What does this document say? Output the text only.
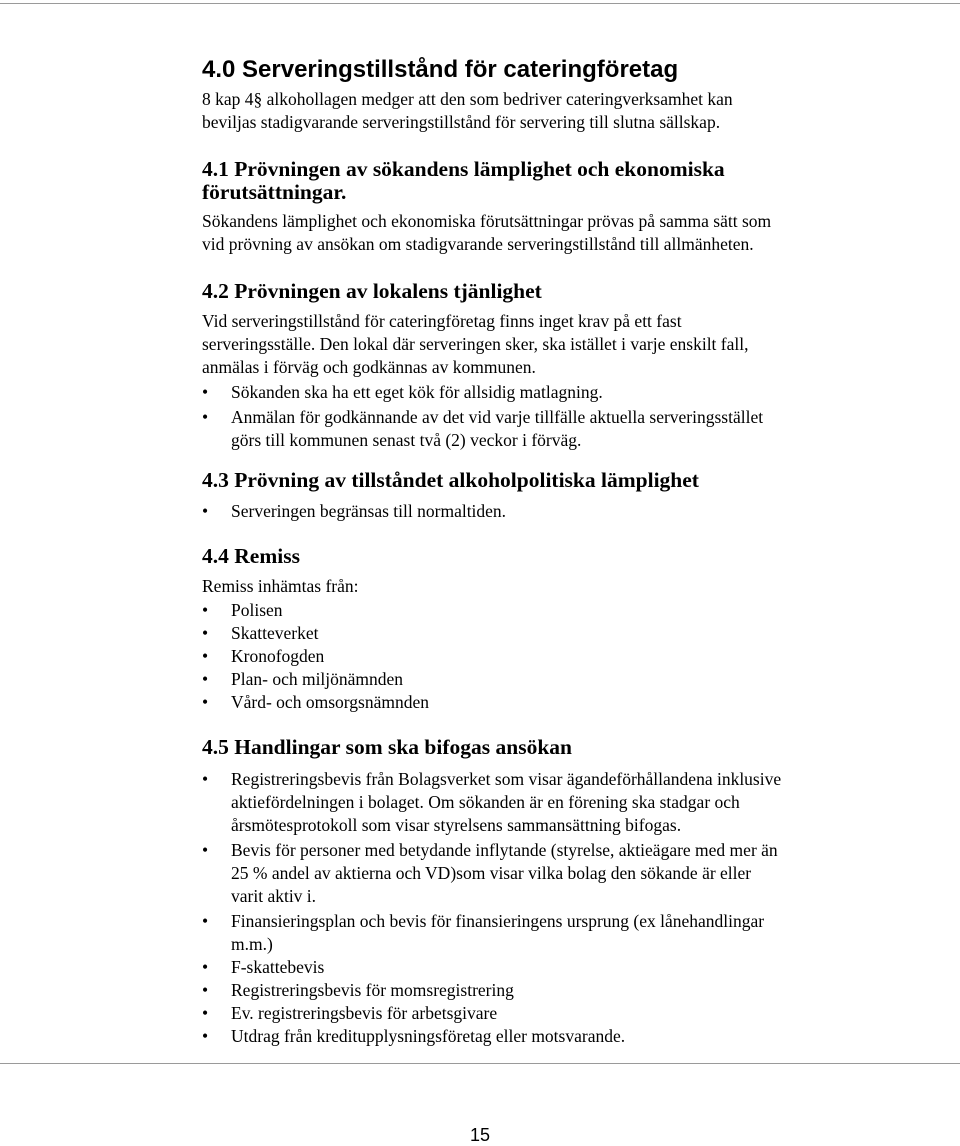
4.0 Serveringstillstånd för cateringföretag

8 kap 4§ alkohollagen medger att den som bedriver cateringverksamhet kan
beviljas stadigvarande serveringstillstånd för servering till slutna sällskap.

4.1 Prövningen av sökandens lämplighet och ekonomiska
förutsättningar.

Sökandens lämplighet och ekonomiska förutsättningar prövas på samma sätt som
vid prövning av ansökan om stadigvarande serveringstillstånd till allmänheten.

4.2 Prövningen av lokalens tjänlighet

Vid serveringstillstånd för cateringföretag finns inget krav på ett fast
serveringsställe. Den lokal där serveringen sker, ska istället i varje enskilt fall,
anmälas i förväg och godkännas av kommunen.

•	Sökanden ska ha ett eget kök för allsidig matlagning.
•	Anmälan för godkännande av det vid varje tillfälle aktuella serveringsstället
görs till kommunen senast två (2) veckor i förväg.
4.3 Prövning av tillståndet alkoholpolitiska lämplighet
•	Serveringen begränsas till normaltiden.
4.4 Remiss

Remiss inhämtas från:

•	Polisen
•	Skatteverket
•	Kronofogden
•	Plan- och miljönämnden
•	Vård- och omsorgsnämnden
4.5 Handlingar som ska bifogas ansökan
•	Registreringsbevis från Bolagsverket som visar ägandeförhållandena inklusive
aktiefördelningen i bolaget. Om sökanden är en förening ska stadgar och
årsmötesprotokoll som visar styrelsens sammansättning bifogas.
•	Bevis för personer med betydande inflytande (styrelse, aktieägare med mer än
25 % andel av aktierna och VD)som visar vilka bolag den sökande är eller
varit aktiv i.
•	Finansieringsplan och bevis för finansieringens ursprung (ex lånehandlingar
m.m.)
•	F-skattebevis
•	Registreringsbevis för momsregistrering
•	Ev. registreringsbevis för arbetsgivare
•	Utdrag från kreditupplysningsföretag eller motsvarande.
15
